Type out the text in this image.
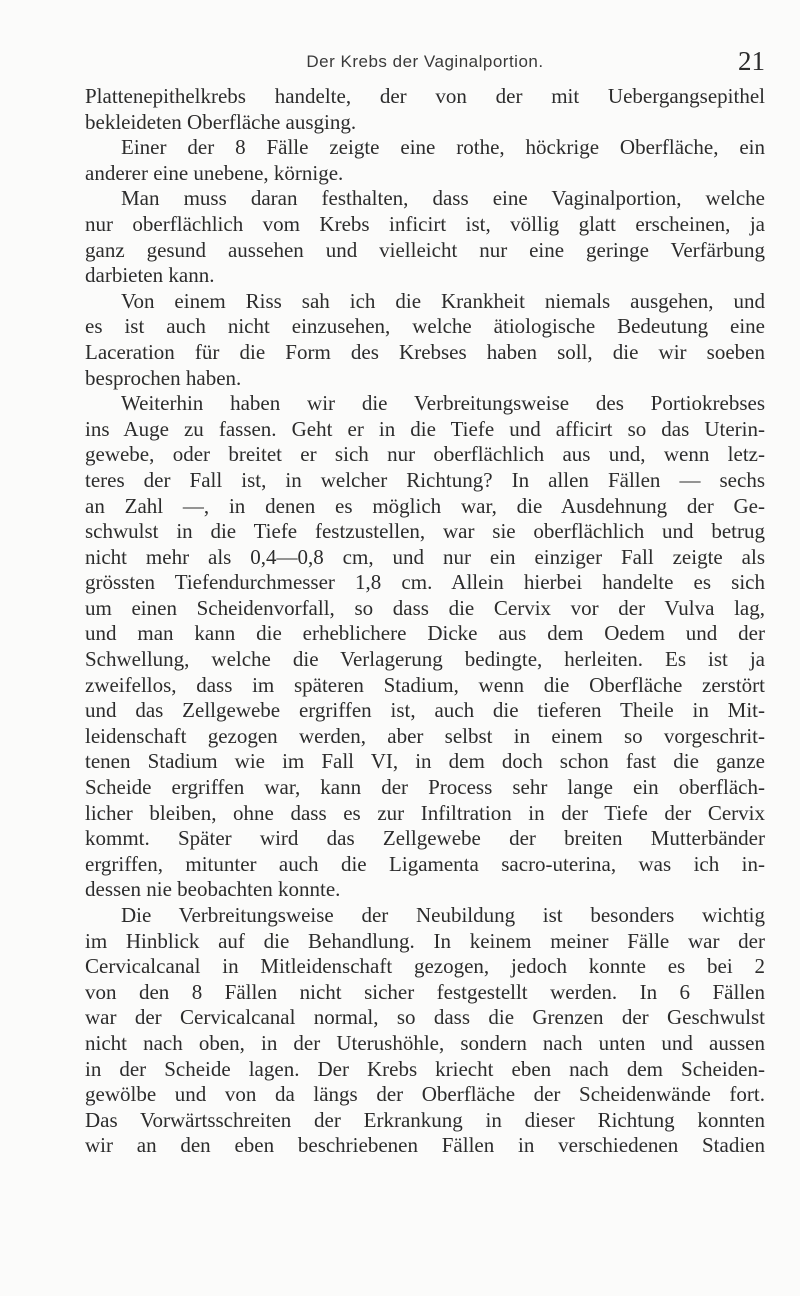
Der Krebs der Vaginalportion.	21
Plattenepithelkrebs handelte, der von der mit Uebergangsepithel
bekleideten Oberfläche ausging.
Einer der 8 Fälle zeigte eine rothe, höckrige Oberfläche, ein
anderer eine unebene, körnige.
Man muss daran festhalten, dass eine Vaginalportion, welche
nur oberflächlich vom Krebs inficirt ist, völlig glatt erscheinen, ja
ganz gesund aussehen und vielleicht nur eine geringe Verfärbung
darbieten kann.
Von einem Riss sah ich die Krankheit niemals ausgehen, und
es ist auch nicht einzusehen, welche ätiologische Bedeutung eine
Laceration für die Form des Krebses haben soll, die wir soeben
besprochen haben.
Weiterhin haben wir die Verbreitungsweise des Portiokrebses
ins Auge zu fassen. Geht er in die Tiefe und afficirt so das Uterin-
gewebe, oder breitet er sich nur oberflächlich aus und, wenn letz-
teres der Fall ist, in welcher Richtung? In allen Fällen — sechs
an Zahl —, in denen es möglich war, die Ausdehnung der Ge-
schwulst in die Tiefe festzustellen, war sie oberflächlich und betrug
nicht mehr als 0,4—0,8 cm, und nur ein einziger Fall zeigte als
grössten Tiefendurchmesser 1,8 cm. Allein hierbei handelte es sich
um einen Scheidenvorfall, so dass die Cervix vor der Vulva lag,
und man kann die erheblichere Dicke aus dem Oedem und der
Schwellung, welche die Verlagerung bedingte, herleiten. Es ist ja
zweifellos, dass im späteren Stadium, wenn die Oberfläche zerstört
und das Zellgewebe ergriffen ist, auch die tieferen Theile in Mit-
leidenschaft gezogen werden, aber selbst in einem so vorgeschrit-
tenen Stadium wie im Fall VI, in dem doch schon fast die ganze
Scheide ergriffen war, kann der Process sehr lange ein oberfläch-
licher bleiben, ohne dass es zur Infiltration in der Tiefe der Cervix
kommt. Später wird das Zellgewebe der breiten Mutterbänder
ergriffen, mitunter auch die Ligamenta sacro-uterina, was ich in-
dessen nie beobachten konnte.
Die Verbreitungsweise der Neubildung ist besonders wichtig
im Hinblick auf die Behandlung. In keinem meiner Fälle war der
Cervicalcanal in Mitleidenschaft gezogen, jedoch konnte es bei 2
von den 8 Fällen nicht sicher festgestellt werden. In 6 Fällen
war der Cervicalcanal normal, so dass die Grenzen der Geschwulst
nicht nach oben, in der Uterushöhle, sondern nach unten und aussen
in der Scheide lagen. Der Krebs kriecht eben nach dem Scheiden-
gewölbe und von da längs der Oberfläche der Scheidenwände fort.
Das Vorwärtsschreiten der Erkrankung in dieser Richtung konnten
wir an den eben beschriebenen Fällen in verschiedenen Stadien
